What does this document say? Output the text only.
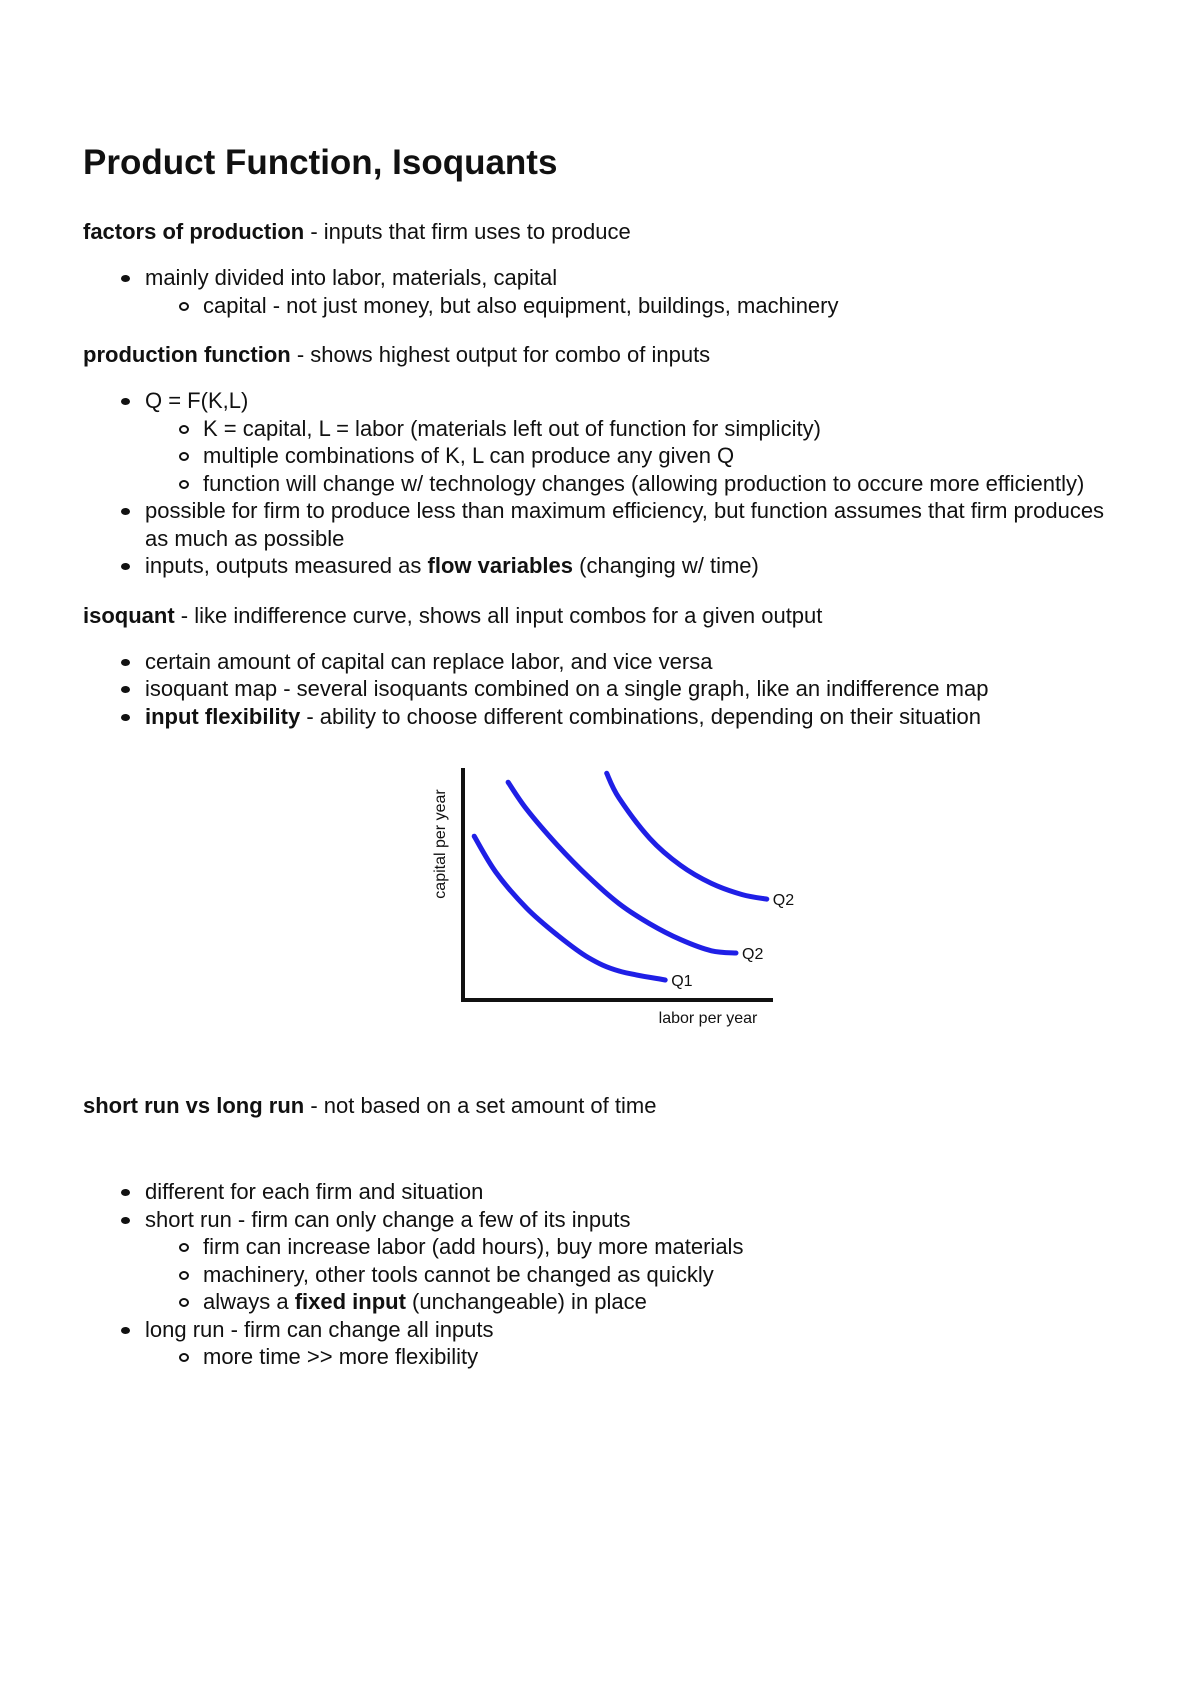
Product Function, Isoquants

factors of production - inputs that firm uses to produce

mainly divided into labor, materials, capital
capital - not just money, but also equipment, buildings, machinery

production function - shows highest output for combo of inputs

Q = F(K,L)
K = capital, L = labor (materials left out of function for simplicity)
multiple combinations of K, L can produce any given Q
function will change w/ technology changes (allowing production to occure more efficiently)
possible for firm to produce less than maximum efficiency, but function assumes that firm produces as much as possible
inputs, outputs measured as flow variables (changing w/ time)

isoquant - like indifference curve, shows all input combos for a given output

certain amount of capital can replace labor, and vice versa
isoquant map - several isoquants combined on a single graph, like an indifference map
input flexibility - ability to choose different combinations, depending on their situation
Q1
Q2
Q2
capital per year
labor per year

short run vs long run - not based on a set amount of time

different for each firm and situation
short run - firm can only change a few of its inputs
firm can increase labor (add hours), buy more materials
machinery, other tools cannot be changed as quickly
always a fixed input (unchangeable) in place
long run - firm can change all inputs
more time >> more flexibility
